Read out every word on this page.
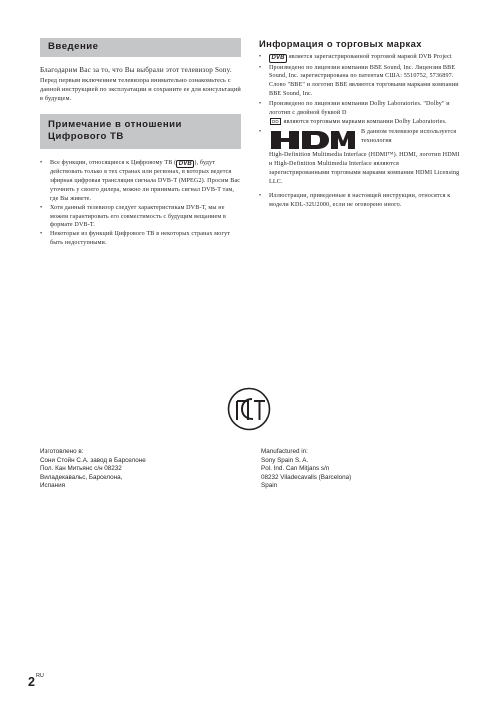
Введение

Благодарим Вас за то, что Вы выбрали этот телевизор Sony.

Перед первым включением телевизора внимательно ознакомьтесь с данной инструкцией по эксплуатации и сохраните ее для консультаций в будущем.

Примечание в отношении Цифрового ТВ
• Все функции, относящиеся к Цифровому ТВ ( DVB ), будут действовать только в тех странах или регионах, в которых ведется эфирная цифровая трансляция сигнала DVB-T (MPEG2). Просим Вас уточнить у своего дилера, можно ли принимать сигнал DVB-T там, где Вы живете.
• Хотя данный телевизор следует характеристикам DVB-T, мы не можем гарантировать его совместимость с будущим вещанием в формате DVB-T.
• Некоторые из функций Цифрового ТВ в некоторых странах могут быть недоступными.
Информация о торговых марках
• DVB является зарегистрированной торговой маркой DVB Project
• Произведено по лицензии компании BBE Sound, Inc. Лицензия BBE Sound, Inc. зарегистрирована по патентам США: 5510752, 5736897. Слово "BBE" и логотип BBE являются торговыми марками компании BBE Sound, Inc.
• Произведено по лицензии компании Dolby Laboratories. "Dolby" и логотип с двойной буквой D
DD являются торговыми марками компании Dolby Laboratories.
• В данном телевизоре используется технология
High-Definition Multimedia Interface (HDMI™). HDMI, логотип HDMI и High-Definition Multimedia Interface являются зарегистрированными торговыми марками компании HDMI Licensing LLC.
• Иллюстрации, приведенные в настоящей инструкции, относятся к модели KDL-32U2000, если не оговорено иного.
Изготовлено в:
Сони Стойн С.А. завод в Барселоне
Пол. Кан Митьянс с/н 08232
Виладекавальс, Барселона,
Испания
Manufactured in:
Sony Spain S. A.
Pol. Ind. Can Mitjans s/n
08232 Viladecavalls (Barcelona)
Spain
$2^{RU}$
